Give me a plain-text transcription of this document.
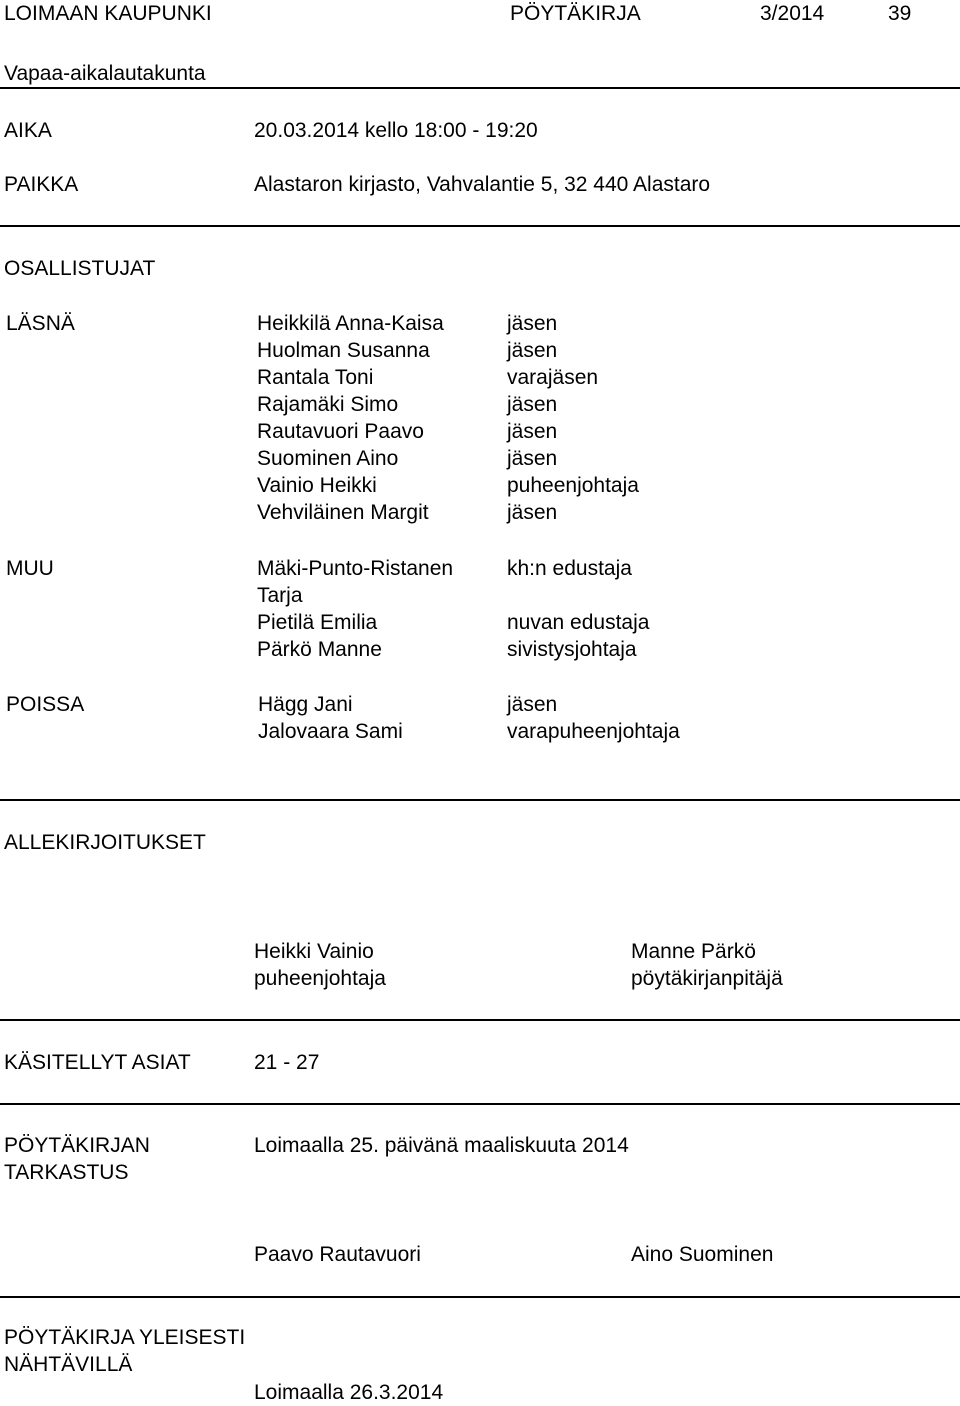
LOIMAAN KAUPUNKI	PÖYTÄKIRJA	3/2014	39
Vapaa-aikalautakunta
AIKA	20.03.2014 kello 18:00 - 19:20
PAIKKA	Alastaron kirjasto, Vahvalantie 5, 32 440 Alastaro
OSALLISTUJAT
LÄSNÄ	Heikkilä Anna-Kaisa	jäsen
Huolman Susanna	jäsen
Rantala Toni	varajäsen
Rajamäki Simo	jäsen
Rautavuori Paavo	jäsen
Suominen Aino	jäsen
Vainio Heikki	puheenjohtaja
Vehviläinen Margit	jäsen
MUU	Mäki-Punto-Ristanen	kh:n edustaja
Tarja
Pietilä Emilia	nuvan edustaja
Pärkö Manne	sivistysjohtaja
POISSA	Hägg Jani	jäsen
Jalovaara Sami	varapuheenjohtaja
ALLEKIRJOITUKSET
Heikki Vainio
puheenjohtaja
Manne Pärkö
pöytäkirjanpitäjä
KÄSITELLYT ASIAT	21 - 27
PÖYTÄKIRJAN
TARKASTUS
Loimaalla 25. päivänä maaliskuuta 2014
Paavo Rautavuori	Aino Suominen
PÖYTÄKIRJA YLEISESTI
NÄHTÄVILLÄ
Loimaalla 26.3.2014
